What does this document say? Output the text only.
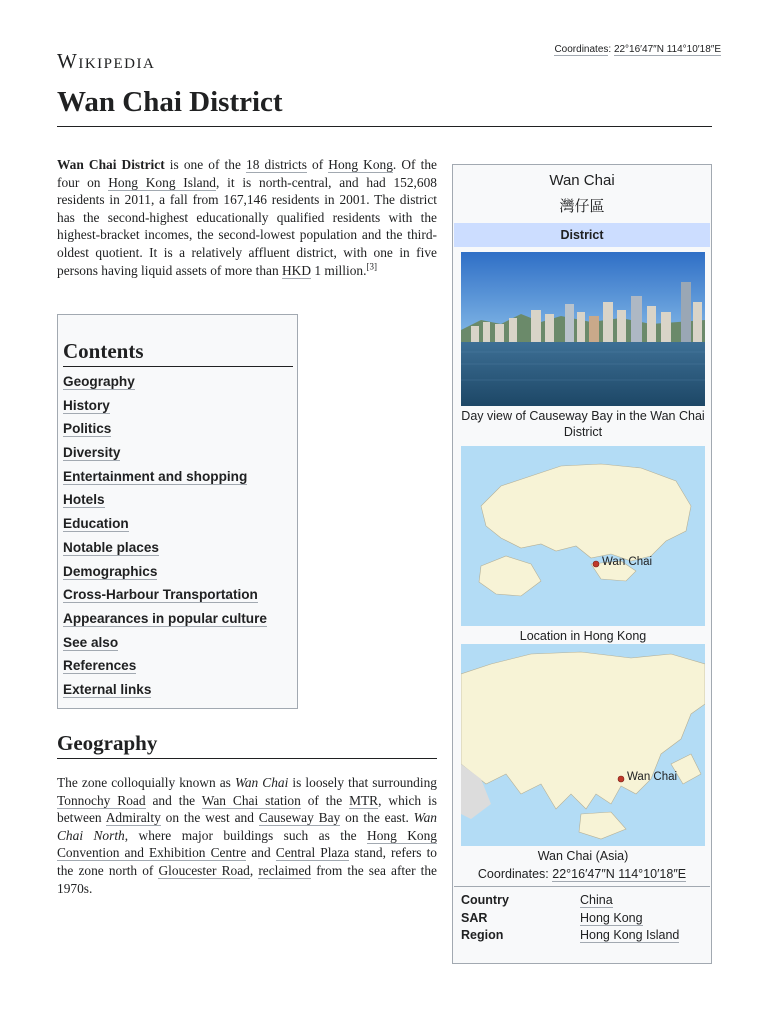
Wikipedia	Coordinates: 22°16′47″N 114°10′18″E
Wan Chai District

Wan Chai District is one of the 18 districts of Hong Kong. Of the four on Hong Kong Island, it is north-central, and had 152,608 residents in 2011, a fall from 167,146 residents in 2001. The district has the second-highest educationally qualified residents with the highest-bracket incomes, the second-lowest population and the third-oldest quotient. It is a relatively affluent district, with one in five persons having liquid assets of more than HKD 1 million.[3]

Contents
Geography
History
Politics
Diversity
Entertainment and shopping
Hotels
Education
Notable places
Demographics
Cross-Harbour Transportation
Appearances in popular culture
See also
References
External links
Geography

The zone colloquially known as Wan Chai is loosely that surrounding Tonnochy Road and the Wan Chai station of the MTR, which is between Admiralty on the west and Causeway Bay on the east. Wan Chai North, where major buildings such as the Hong Kong Convention and Exhibition Centre and Central Plaza stand, refers to the zone north of Gloucester Road, reclaimed from the sea after the 1970s.

Wan Chai
灣仔區
District
Day view of Causeway Bay in the Wan Chai District
Wan Chai
Location in Hong Kong
Wan Chai
Wan Chai (Asia)
Coordinates: 22°16′47″N 114°10′18″E
Country	China
SAR	Hong Kong
Region	Hong Kong Island
